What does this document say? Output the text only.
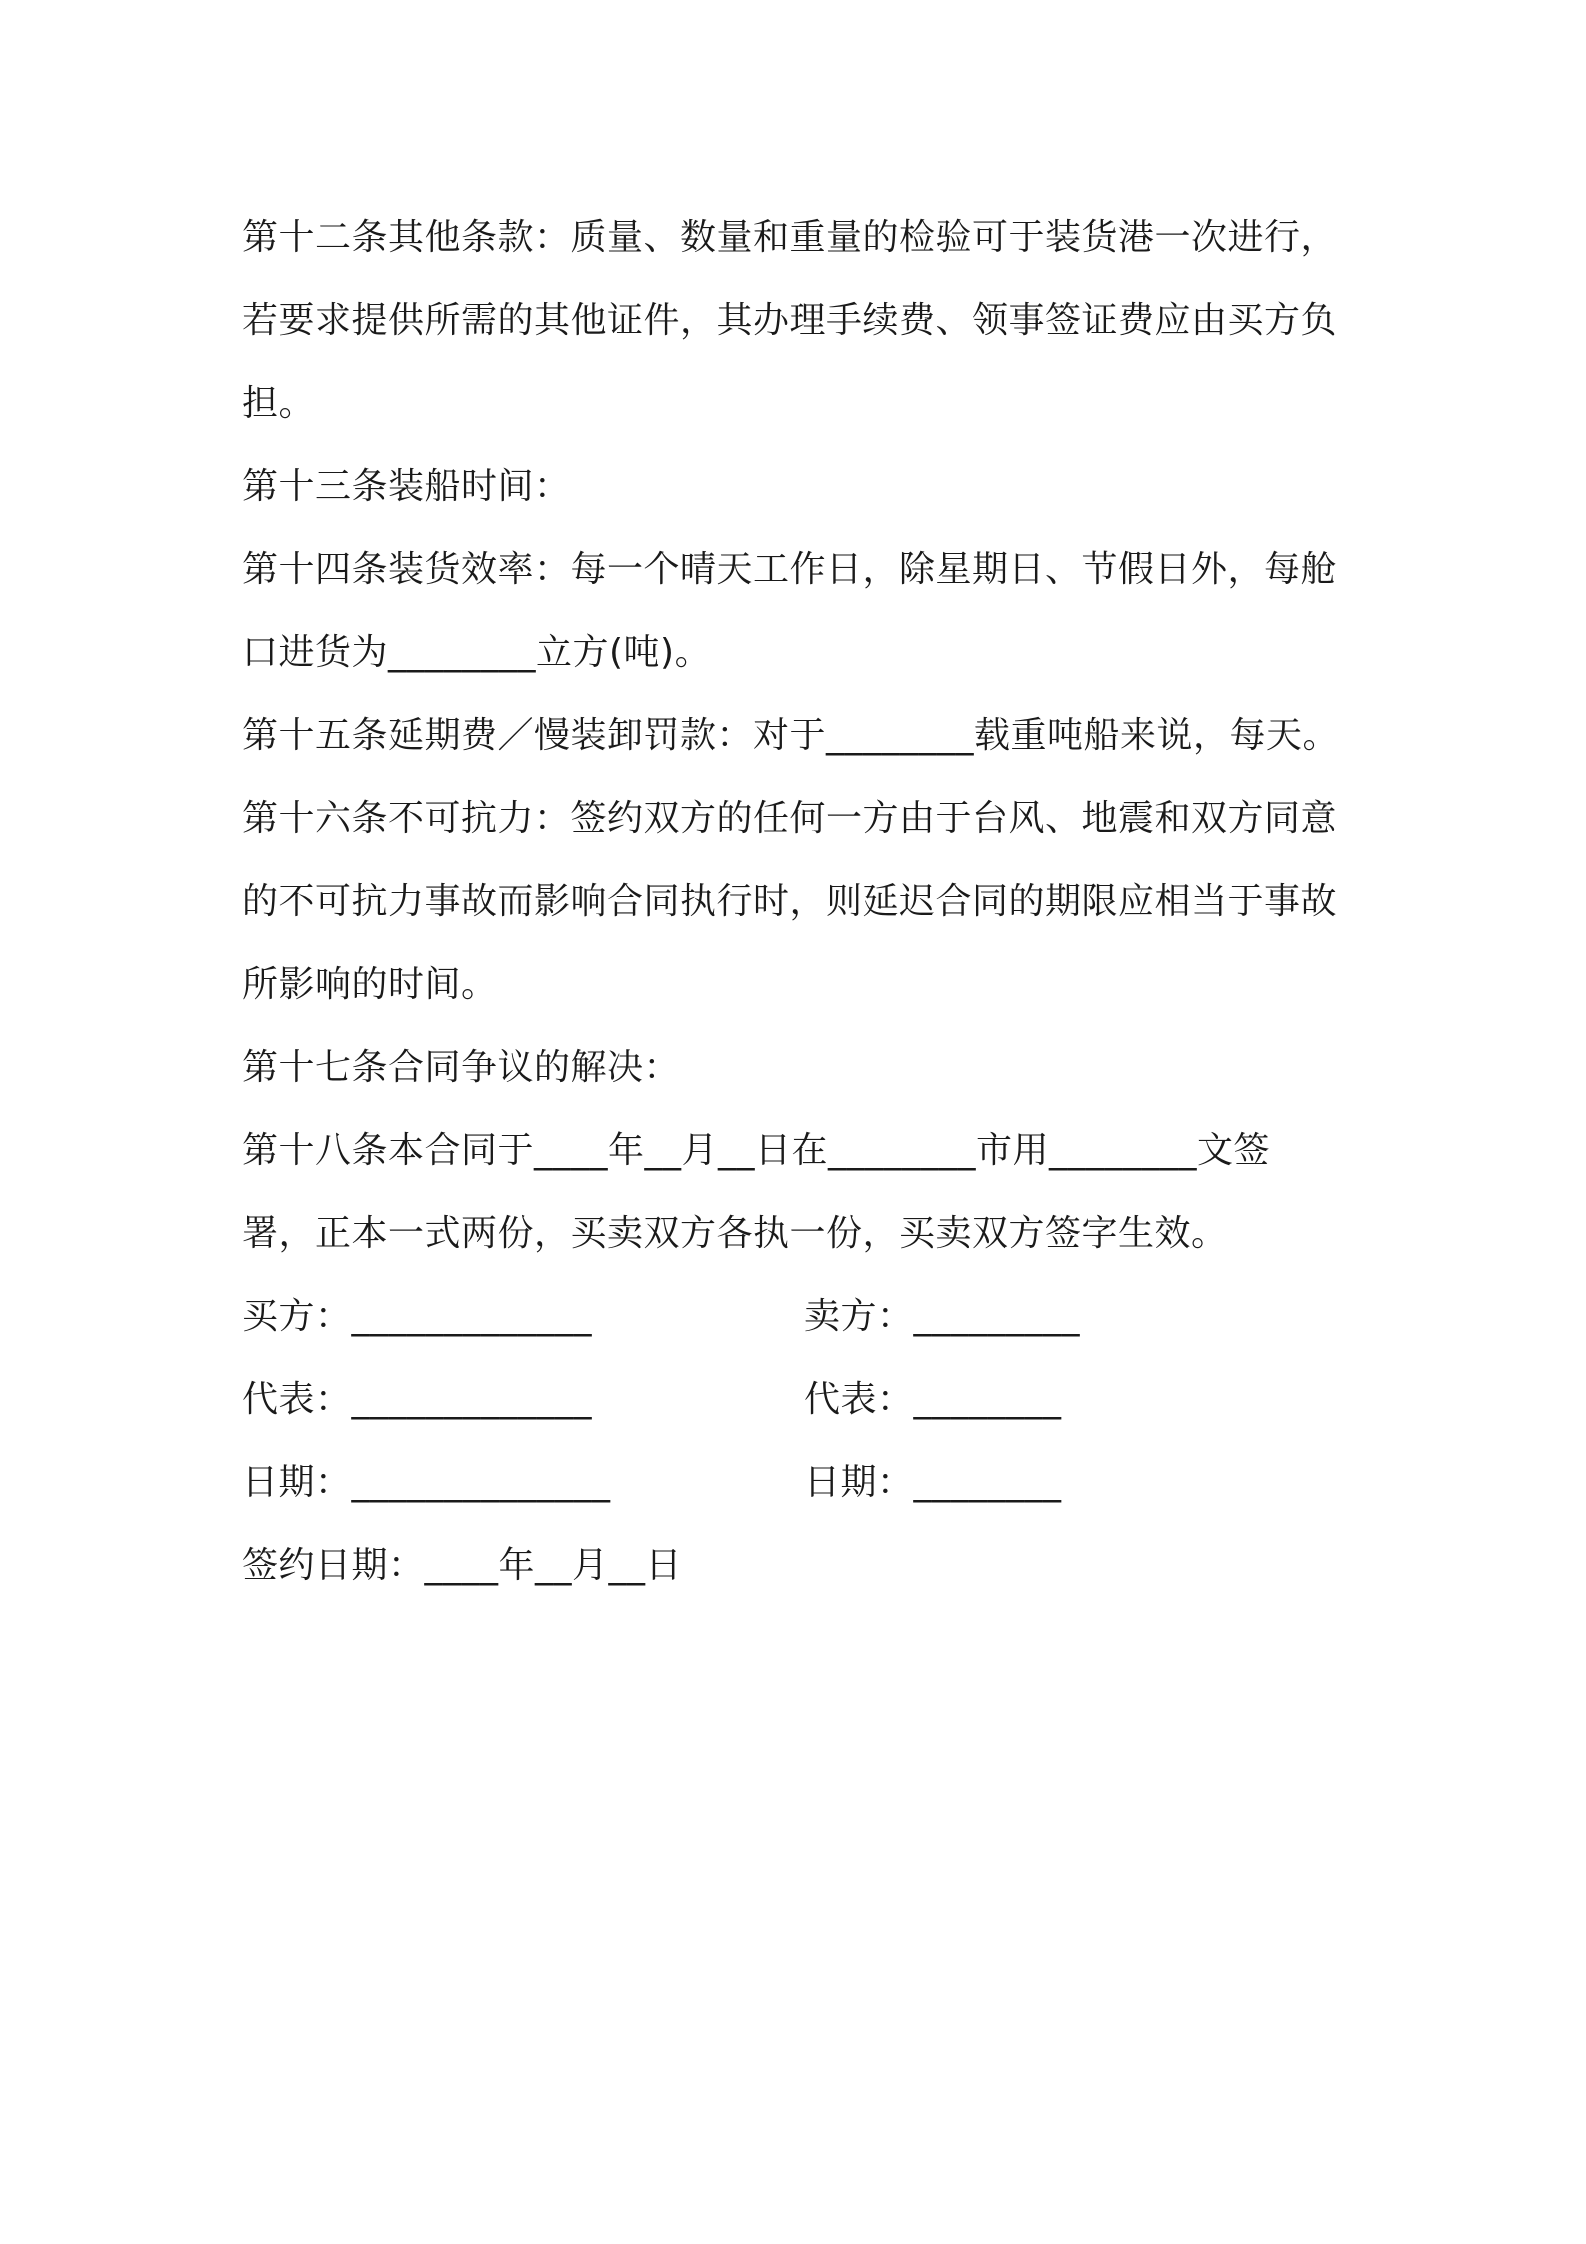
第十二条其他条款：质量、数量和重量的检验可于装货港一次进行，
若要求提供所需的其他证件，其办理手续费、领事签证费应由买方负
担。
第十三条装船时间：
第十四条装货效率：每一个晴天工作日，除星期日、节假日外，每舱
口进货为________立方(吨)。
第十五条延期费／慢装卸罚款：对于________载重吨船来说，每天。
第十六条不可抗力：签约双方的任何一方由于台风、地震和双方同意
的不可抗力事故而影响合同执行时，则延迟合同的期限应相当于事故
所影响的时间。
第十七条合同争议的解决：
第十八条本合同于____年__月__日在________市用________文签
署，正本一式两份，买卖双方各执一份，买卖双方签字生效。
买方：_____________	卖方：_________
代表：_____________	代表：________
日期：______________	日期：________
签约日期：____年__月__日
